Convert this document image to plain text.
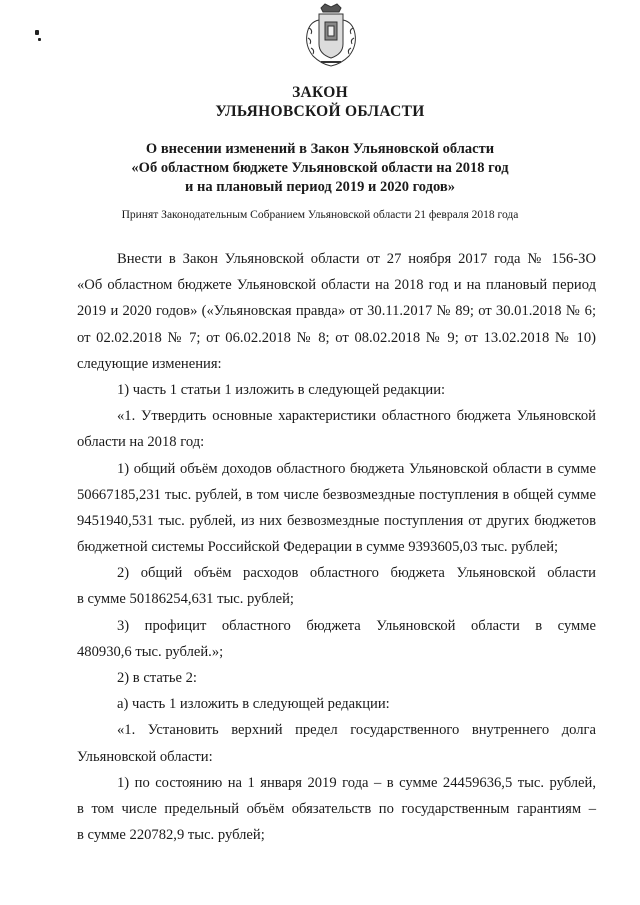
ЗАКОН
УЛЬЯНОВСКОЙ ОБЛАСТИ
О внесении изменений в Закон Ульяновской области
«Об областном бюджете Ульяновской области на 2018 год
и на плановый период 2019 и 2020 годов»
Принят Законодательным Собранием Ульяновской области 21 февраля 2018 года
Внести в Закон Ульяновской области от 27 ноября 2017 года № 156-ЗО
«Об областном бюджете Ульяновской области на 2018 год и на плановый период
2019 и 2020 годов» («Ульяновская правда» от 30.11.2017 № 89; от 30.01.2018 № 6;
от 02.02.2018 № 7; от 06.02.2018 № 8; от 08.02.2018 № 9; от 13.02.2018 № 10)
следующие изменения:
1) часть 1 статьи 1 изложить в следующей редакции:
«1. Утвердить основные характеристики областного бюджета Ульяновской
области на 2018 год:
1) общий объём доходов областного бюджета Ульяновской области в сумме
50667185,231 тыс. рублей, в том числе безвозмездные поступления в общей сумме
9451940,531 тыс. рублей, из них безвозмездные поступления от других бюджетов
бюджетной системы Российской Федерации в сумме 9393605,03 тыс. рублей;
2) общий объём расходов областного бюджета Ульяновской области
в сумме 50186254,631 тыс. рублей;
3) профицит областного бюджета Ульяновской области в сумме
480930,6 тыс. рублей.»;
2) в статье 2:
а) часть 1 изложить в следующей редакции:
«1. Установить верхний предел государственного внутреннего долга
Ульяновской области:
1) по состоянию на 1 января 2019 года – в сумме 24459636,5 тыс. рублей,
в том числе предельный объём обязательств по государственным гарантиям –
в сумме 220782,9 тыс. рублей;
